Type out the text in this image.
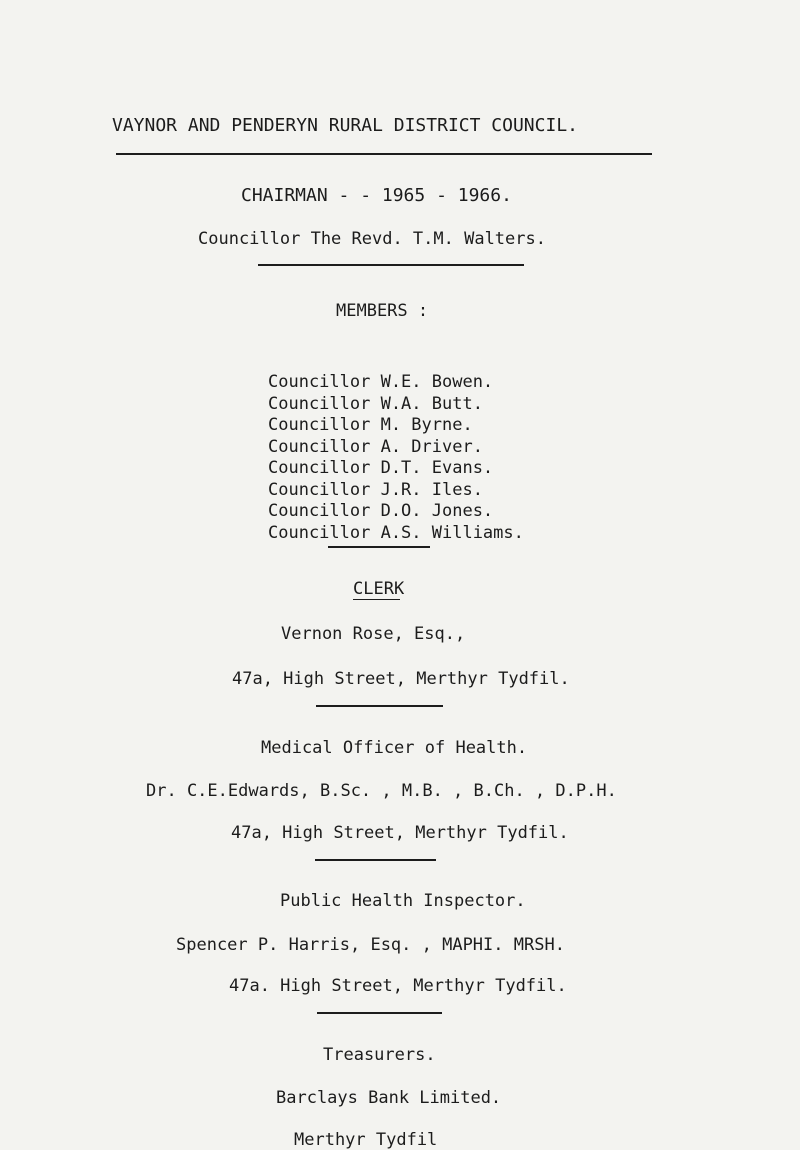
VAYNOR AND PENDERYN RURAL DISTRICT COUNCIL.
CHAIRMAN - - 1965 - 1966.
Councillor The Revd. T.M. Walters.
MEMBERS :
Councillor W.E. Bowen.
Councillor W.A. Butt.
Councillor M. Byrne.
Councillor A. Driver.
Councillor D.T. Evans.
Councillor J.R. Iles.
Councillor D.O. Jones.
Councillor A.S. Williams.
CLERK
Vernon Rose, Esq.,
47a, High Street, Merthyr Tydfil.
Medical Officer of Health.
Dr. C.E.Edwards, B.Sc. , M.B. , B.Ch. , D.P.H.
47a, High Street, Merthyr Tydfil.
Public Health Inspector.
Spencer P. Harris, Esq. , MAPHI. MRSH.
47a. High Street, Merthyr Tydfil.
Treasurers.
Barclays Bank Limited.
Merthyr Tydfil
